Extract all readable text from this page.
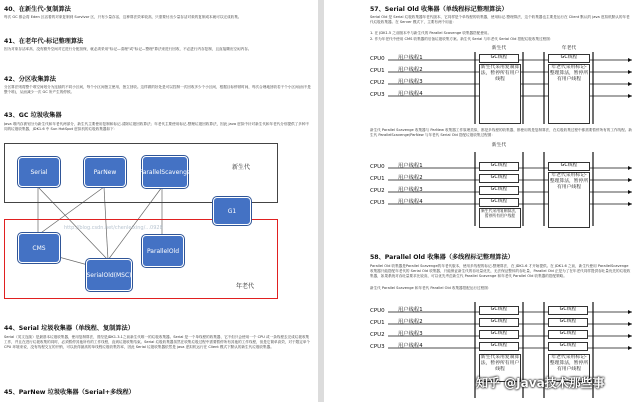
40、在新生代-复制算法
每次 GC 都会将 Eden 区活着的对象复制到 Survivor 区，只有少量存活，这种算法效率较高，只需要付出少量存活对象的复制成本就可以完成收集。
41、在老年代-标记整理算法
因为对象存活率高、没有额外空间对它进行分配担保，就必须采用"标记—清理"或"标记—整理"算法来进行回收，不必进行内存复制，且直接腾出空闲内存。
42、分区收集算法
分区算法则将整个堆空间划分为连续的不同小区间，每个小区间独立使用，独立回收。这样做的好处是可以控制一次回收多少个小区间，根据目标停顿时间，每次合理地回收若干个小区间(而不是整个堆)，从而减少一次 GC 所产生的停顿。
43、GC 垃圾收集器
Java 堆内存被划分为新生代和年老代两部分，新生代主要使用复制和标记-清除垃圾回收算法；年老代主要使用标记-整理垃圾回收算法，因此 java 虚拟中针对新生代和年老代分别提供了多种不同的垃圾收集器，JDK1.6 中 Sun HotSpot 虚拟机的垃圾收集器如下：
新生代
年老代
Serial	ParNew	Parallel Scavenge
G1
CMS	Parallel Old
Serial Old(MSC)
http://blog.csdn.net/chenleixing/...0928
44、Serial 垃圾收集器（单线程、复制算法）
Serial（英文连续）是最基本垃圾收集器，使用复制算法，曾经是JDK1.3.1之前新生代唯一的垃圾收集器。Serial 是一个单线程的收集器，它不但只会使用一个 CPU 或一条线程去完成垃圾收集工作，并且在进行垃圾收集的同时，必须暂停其他所有的工作线程，直到垃圾收集结束。Serial 垃圾收集器虽然在收集垃圾过程中需要暂停所有其他的工作线程，但是它简单高效，对于限定单个 CPU 环境来说，没有线程交互的开销，可以获得最高的单线程垃圾收集效率，因此 Serial 垃圾收集器依然是 java 虚拟机运行在 Client 模式下默认的新生代垃圾收集器。
45、ParNew 垃圾收集器（Serial+多线程）
57、Serial Old 收集器（单线程标记整理算法）
Serial Old 是 Serial 垃圾收集器年老代版本，它同样是个单线程的收集器，使用标记-整理算法，这个收集器也主要是运行在 Client 默认的 java 虚拟机默认的年老代垃圾收集器。在 Server 模式下，主要有两个用途：
1. 在 JDK1.5 之前版本中与新生代的 Parallel Scavenge 收集器搭配使用。
2. 作为年老代中使用 CMS 收集器的后备垃圾收集方案。新生代 Serial 与年老代 Serial Old 搭配垃圾收集过程图：
CPU0
CPU1
CPU2
CPU3
用户线程1
用户线程2
用户线程3
用户线程4
新生代
GC线程
新生代采用复制算法，暂停所有用户线程
年老代
GC线程
年老代采用标记-整理算法，暂停所有用户线程
新生代 Parallel Scavenge 收集器与 ParNew 收集器工作原理类似，都是多线程的收集器，都使用的是复制算法，在垃圾收集过程中都需要暂停所有的工作线程。新生代 ParallelScavenge/ParNew 与年老代 Serial Old 搭配垃圾收集过程图：
CPU0
CPU1
CPU2
CPU3
用户线程1
用户线程2
用户线程3
用户线程4
新生代
GC线程
GC线程
GC线程
GC线程
新生代采用复制算法，暂停所有用户线程
GC线程
年老代采用标记-整理算法，暂停所有用户线程
58、Parallel Old 收集器（多线程标记整理算法）
Parallel Old 收集器是Parallel Scavenge的年老代版本，使用多线程的标记-整理算法，在 JDK1.6 才开始提供。在 JDK1.6 之前，新生代使用 ParallelScavenge 收集器只能搭配年老代的 Serial Old 收集器，只能保证新生代的吞吐量优先，无法保证整体的吞吐量，Parallel Old 正是为了在年老代同样提供吞吐量优先的垃圾收集器，如果系统对吞吐量要求比较高，可以优先考虑新生代 Parallel Scavenge 和年老代 Parallel Old 收集器的搭配策略。
新生代 Parallel Scavenge 和年老代 Parallel Old 收集器搭配运行过程图：
CPU0
CPU1
CPU2
CPU3
用户线程1
用户线程2
用户线程3
用户线程4
GC线程
GC线程
GC线程
GC线程
新生代采用复制算法，暂停所有用户线程
GC线程
GC线程
GC线程
GC线程
年老代采用标记-整理算法，暂停所有用户线程
知乎 @Java技术那些事
